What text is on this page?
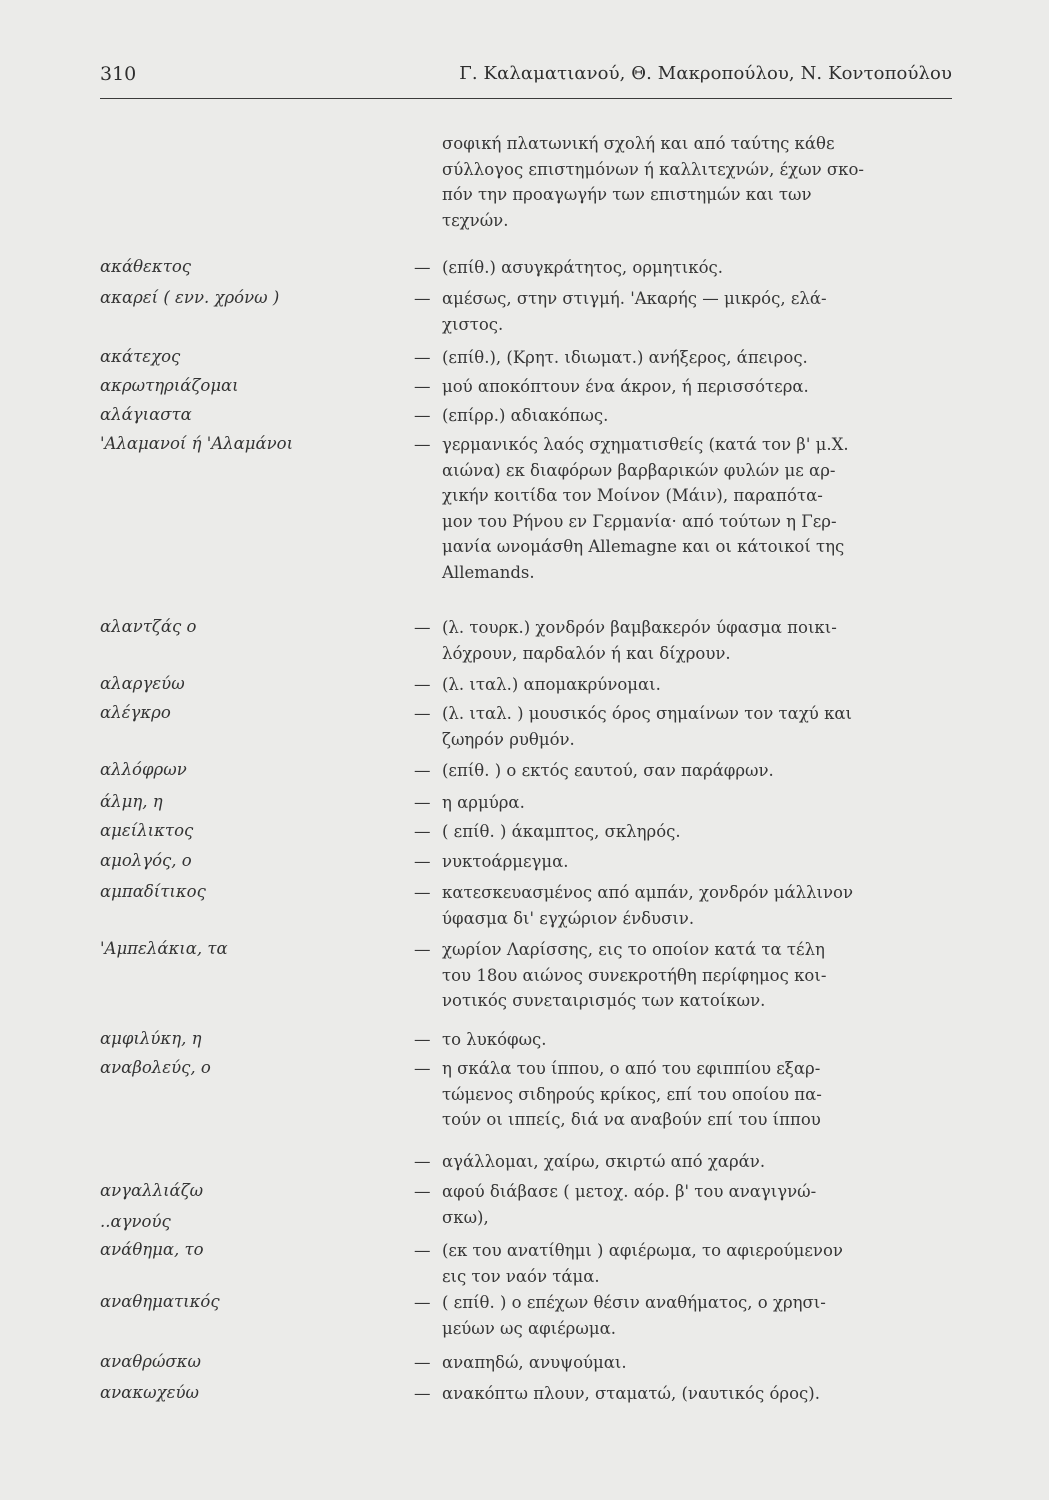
310	Γ. Καλαματιανού, Θ. Μακροπούλου, Ν. Κοντοπούλου
σοφική πλατωνική σχολή και από ταύτης κάθε
σύλλογος επιστημόνων ή καλλιτεχνών, έχων σκο-
πόν την προαγωγήν των επιστημών και των
τεχνών.
ακάθεκτος	— (επίθ.) ασυγκράτητος, ορμητικός.
ακαρεί ( ενν. χρόνω )	— αμέσως, στην στιγμή. 'Ακαρής — μικρός, ελά-
χιστος.
ακάτεχος	— (επίθ.), (Κρητ. ιδιωματ.) ανήξερος, άπειρος.
ακρωτηριάζομαι	— μού αποκόπτουν ένα άκρον, ή περισσότερα.
αλάγιαστα	— (επίρρ.) αδιακόπως.
'Αλαμανοί ή 'Αλαμάνοι	— γερμανικός λαός σχηματισθείς (κατά τον β' μ.Χ.
αιώνα) εκ διαφόρων βαρβαρικών φυλών με αρ-
χικήν κοιτίδα τον Μοίνον (Μάιν), παραπότα-
μον του Ρήνου εν Γερμανία· από τούτων η Γερ-
μανία ωνομάσθη Allemagne και οι κάτοικοί της
Allemands.
αλαντζάς ο	— (λ. τουρκ.) χονδρόν βαμβακερόν ύφασμα ποικι-
λόχρουν, παρδαλόν ή και δίχρουν.
αλαργεύω	— (λ. ιταλ.) απομακρύνομαι.
αλέγκρο	— (λ. ιταλ. ) μουσικός όρος σημαίνων τον ταχύ και
ζωηρόν ρυθμόν.
αλλόφρων	— (επίθ. ) ο εκτός εαυτού, σαν παράφρων.
άλμη, η	— η αρμύρα.
αμείλικτος	— ( επίθ. ) άκαμπτος, σκληρός.
αμολγός, ο	— νυκτοάρμεγμα.
αμπαδίτικος	— κατεσκευασμένος από αμπάν, χονδρόν μάλλινον
ύφασμα δι' εγχώριον ένδυσιν.
'Αμπελάκια, τα	— χωρίον Λαρίσσης, εις το οποίον κατά τα τέλη
του 18ου αιώνος συνεκροτήθη περίφημος κοι-
νοτικός συνεταιρισμός των κατοίκων.
αμφιλύκη, η	— το λυκόφως.
αναβολεύς, ο	— η σκάλα του ίππου, ο από του εφιππίου εξαρ-
τώμενος σιδηρούς κρίκος, επί του οποίου πα-
τούν οι ιππείς, διά να αναβούν επί του ίππου
— αγάλλομαι, χαίρω, σκιρτώ από χαράν.
ανγαλλιάζω	— αφού διάβασε ( μετοχ. αόρ. β' του αναγιγνώ-
σκω),
..αγνούς
ανάθημα, το	— (εκ του ανατίθημι ) αφιέρωμα, το αφιερούμενον
εις τον ναόν τάμα.
αναθηματικός	— ( επίθ. ) ο επέχων θέσιν αναθήματος, ο χρησι-
μεύων ως αφιέρωμα.
αναθρώσκω	— αναπηδώ, ανυψούμαι.
ανακωχεύω	— ανακόπτω πλουν, σταματώ, (ναυτικός όρος).
